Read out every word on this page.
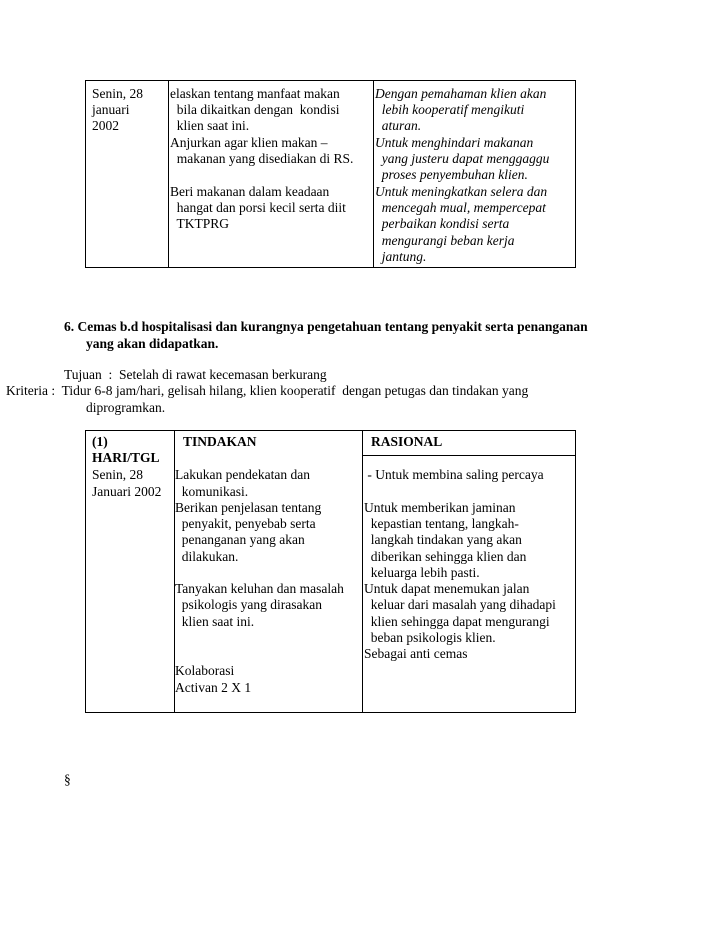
Senin, 28
januari
2002
elaskan tentang manfaat makan
bila dikaitkan dengan  kondisi
klien saat ini.
Anjurkan agar klien makan –
makanan yang disediakan di RS.
Beri makanan dalam keadaan
hangat dan porsi kecil serta diit
TKTPRG
Dengan pemahaman klien akan
lebih kooperatif mengikuti
aturan.
Untuk menghindari makanan
yang justeru dapat menggaggu
proses penyembuhan klien.
Untuk meningkatkan selera dan
mencegah mual, mempercepat
perbaikan kondisi serta
mengurangi beban kerja
jantung.
6. Cemas b.d hospitalisasi dan kurangnya pengetahuan tentang penyakit serta penanganan
yang akan didapatkan.
Tujuan  :  Setelah di rawat kecemasan berkurang
Kriteria :  Tidur 6-8 jam/hari, gelisah hilang, klien kooperatif  dengan petugas dan tindakan yang
diprogramkan.
(1)
HARI/TGL
TINDAKAN	RASIONAL
Senin, 28
Januari 2002
Lakukan pendekatan dan
komunikasi.
Berikan penjelasan tentang
penyakit, penyebab serta
penanganan yang akan
dilakukan.
Tanyakan keluhan dan masalah
psikologis yang dirasakan
klien saat ini.
Kolaborasi
Activan 2 X 1
- Untuk membina saling percaya
Untuk memberikan jaminan
kepastian tentang, langkah-
langkah tindakan yang akan
diberikan sehingga klien dan
keluarga lebih pasti.
Untuk dapat menemukan jalan
keluar dari masalah yang dihadapi
klien sehingga dapat mengurangi
beban psikologis klien.
Sebagai anti cemas
§
